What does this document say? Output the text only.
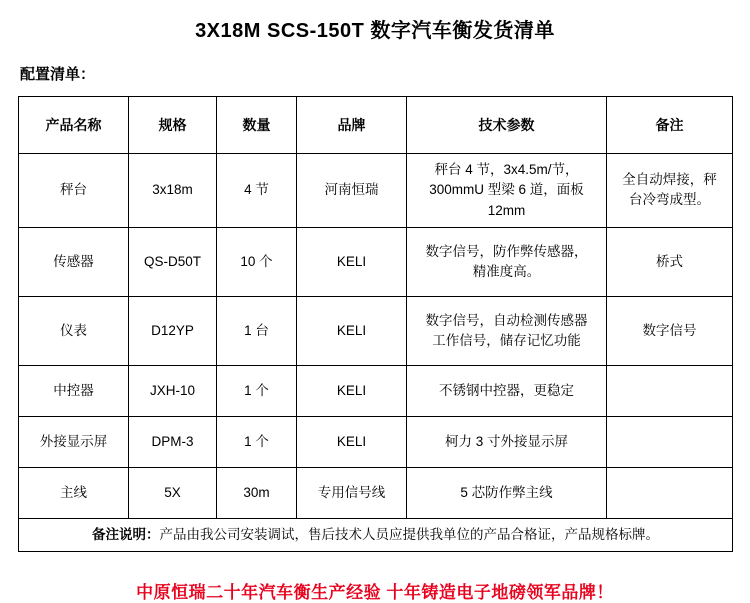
3X18M SCS-150T 数字汽车衡发货清单
配置清单：
产品名称	规格	数量	品牌	技术参数	备注
秤台	3x18m	4 节	河南恒瑞	秤台 4 节，3x4.5m/节，
300mmU 型梁 6 道，面板 12mm	全自动焊接，秤
台冷弯成型。

传感器	QS-D50T	10 个	KELI	数字信号，防作弊传感器，
精准度高。	桥式
仪表	D12YP	1 台	KELI	数字信号，自动检测传感器
工作信号，储存记忆功能	数字信号
中控器	JXH-10	1 个	KELI	不锈钢中控器，更稳定	
外接显示屏	DPM-3	1 个	KELI	柯力 3 寸外接显示屏	
主线	5X	30m	专用信号线	5 芯防作弊主线	
备注说明：产品由我公司安装调试，售后技术人员应提供我单位的产品合格证，产品规格标牌。					
中原恒瑞二十年汽车衡生产经验 十年铸造电子地磅领军品牌！
